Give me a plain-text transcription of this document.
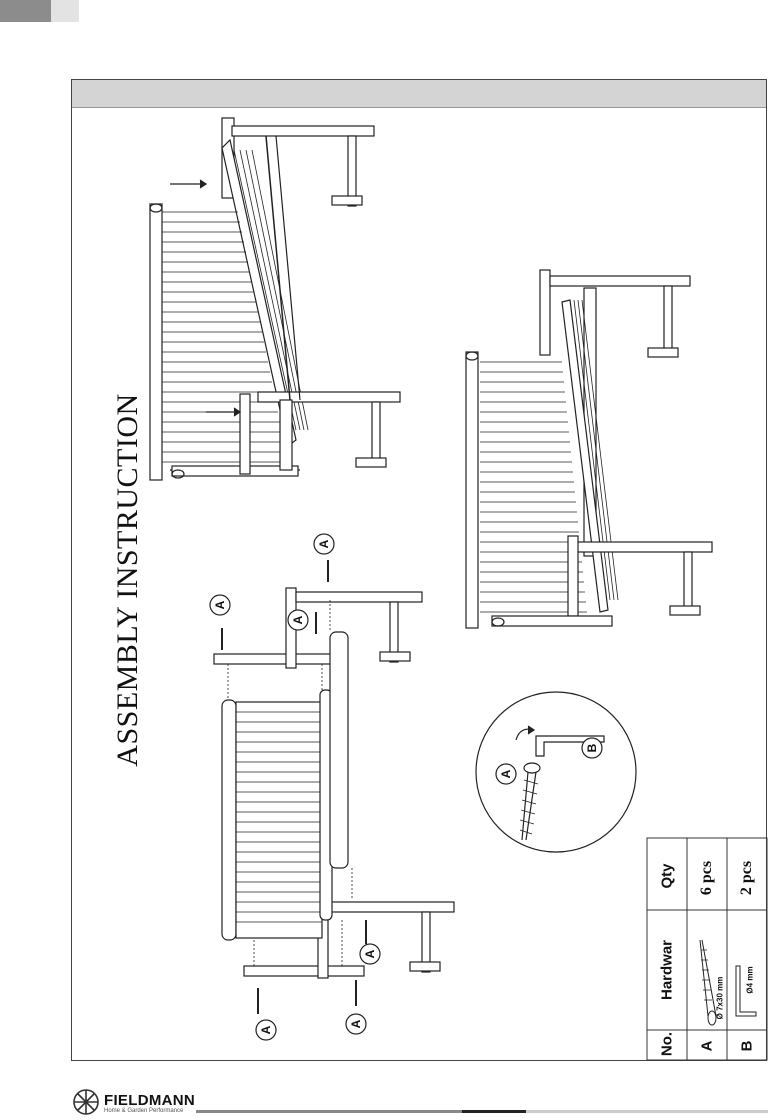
ASSEMBLY INSTRUCTION	A
A
A
A
A
A
A
B
No.
Hardwar
Qty
A
Ø 7x30 mm
6 pcs
B
Ø4 mm
2 pcs
FIELDMANN
Home & Garden Performance
